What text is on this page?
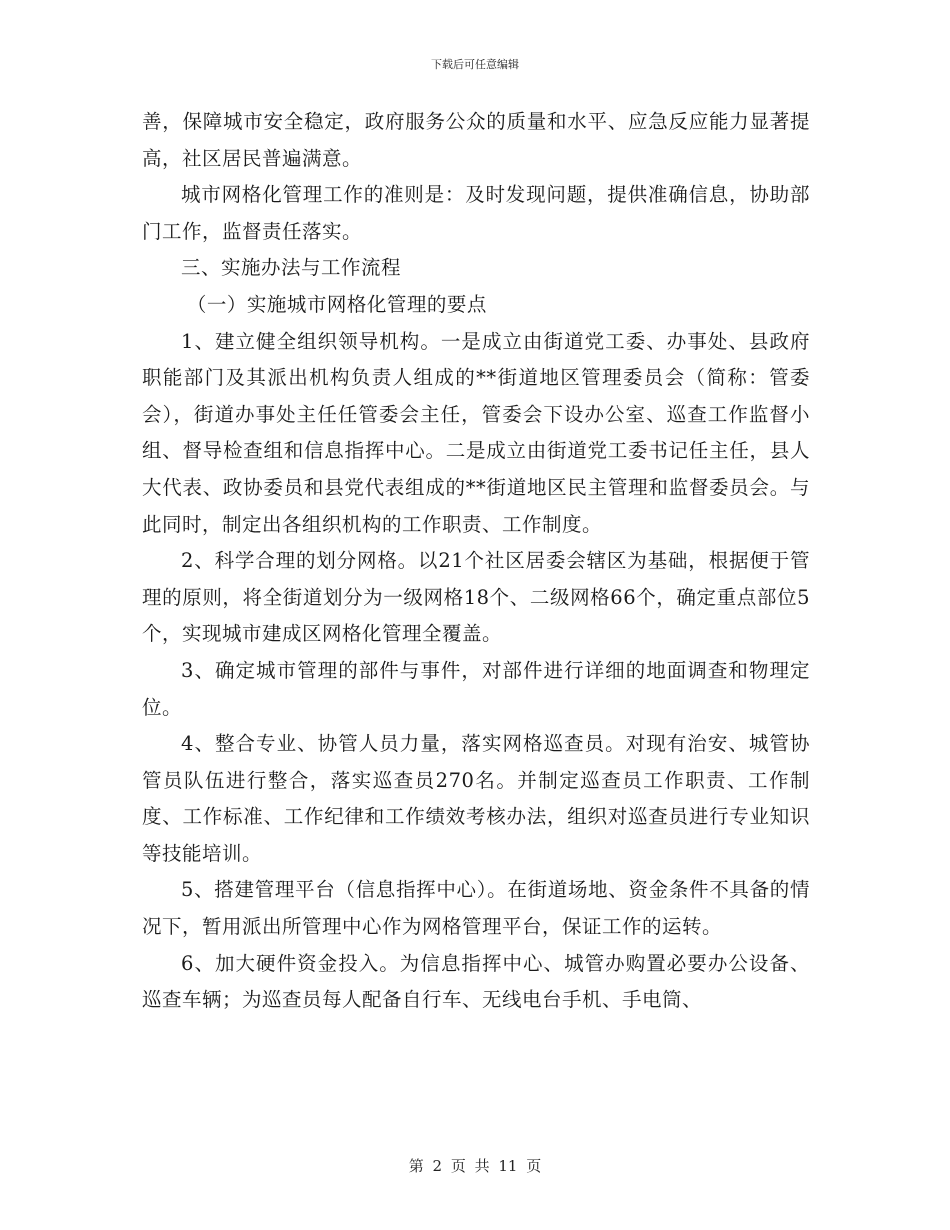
下载后可任意编辑

善，保障城市安全稳定，政府服务公众的质量和水平、应急反应能力显著提高，社区居民普遍满意。

城市网格化管理工作的准则是：及时发现问题，提供准确信息，协助部门工作，监督责任落实。

三、实施办法与工作流程

（一）实施城市网格化管理的要点

1、建立健全组织领导机构。一是成立由街道党工委、办事处、县政府职能部门及其派出机构负责人组成的**街道地区管理委员会（简称：管委会），街道办事处主任任管委会主任，管委会下设办公室、巡查工作监督小组、督导检查组和信息指挥中心。二是成立由街道党工委书记任主任，县人大代表、政协委员和县党代表组成的**街道地区民主管理和监督委员会。与此同时，制定出各组织机构的工作职责、工作制度。

2、科学合理的划分网格。以21个社区居委会辖区为基础，根据便于管理的原则，将全街道划分为一级网格18个、二级网格66个，确定重点部位5个，实现城市建成区网格化管理全覆盖。

3、确定城市管理的部件与事件，对部件进行详细的地面调查和物理定位。

4、整合专业、协管人员力量，落实网格巡查员。对现有治安、城管协管员队伍进行整合，落实巡查员270名。并制定巡查员工作职责、工作制度、工作标准、工作纪律和工作绩效考核办法，组织对巡查员进行专业知识等技能培训。

5、搭建管理平台（信息指挥中心）。在街道场地、资金条件不具备的情况下，暂用派出所管理中心作为网格管理平台，保证工作的运转。

6、加大硬件资金投入。为信息指挥中心、城管办购置必要办公设备、巡查车辆；为巡查员每人配备自行车、无线电台手机、手电筒、

第 2 页 共 11 页
